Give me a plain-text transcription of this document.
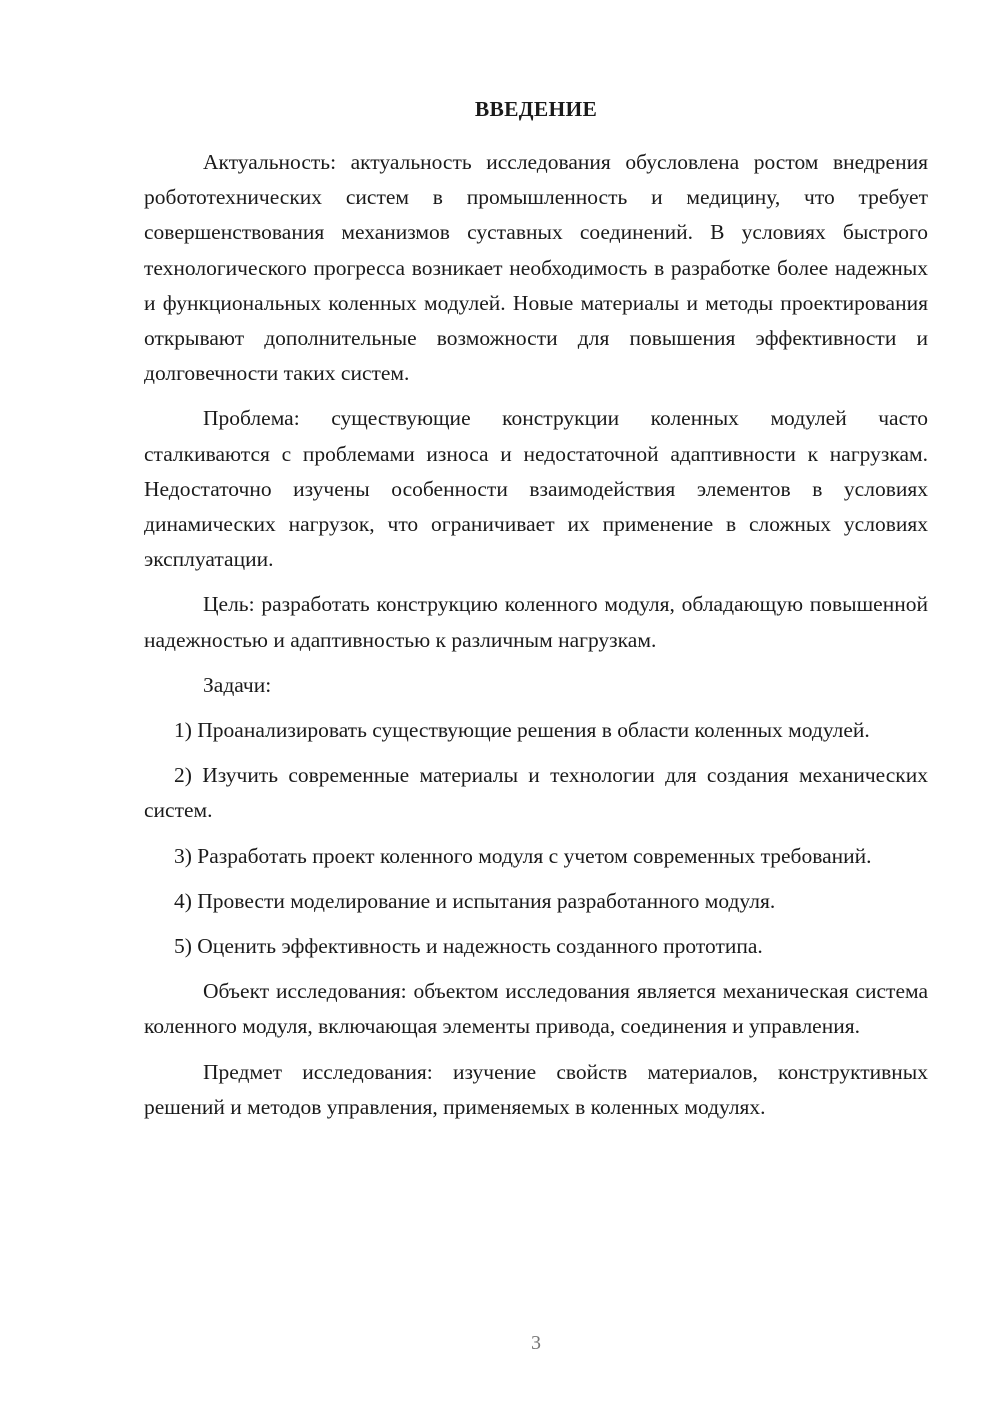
ВВЕДЕНИЕ

Актуальность: актуальность исследования обусловлена ростом внедрения робототехнических систем в промышленность и медицину, что требует совершенствования механизмов суставных соединений. В условиях быстрого технологического прогресса возникает необходимость в разработке более надежных и функциональных коленных модулей. Новые материалы и методы проектирования открывают дополнительные возможности для повышения эффективности и долговечности таких систем.

Проблема: существующие конструкции коленных модулей часто сталкиваются с проблемами износа и недостаточной адаптивности к нагрузкам. Недостаточно изучены особенности взаимодействия элементов в условиях динамических нагрузок, что ограничивает их применение в сложных условиях эксплуатации.

Цель: разработать конструкцию коленного модуля, обладающую повышенной надежностью и адаптивностью к различным нагрузкам.

Задачи:

1) Проанализировать существующие решения в области коленных модулей.

2) Изучить современные материалы и технологии для создания механических систем.

3) Разработать проект коленного модуля с учетом современных требований.

4) Провести моделирование и испытания разработанного модуля.

5) Оценить эффективность и надежность созданного прототипа.

Объект исследования: объектом исследования является механическая система коленного модуля, включающая элементы привода, соединения и управления.

Предмет исследования: изучение свойств материалов, конструктивных решений и методов управления, применяемых в коленных модулях.

3
